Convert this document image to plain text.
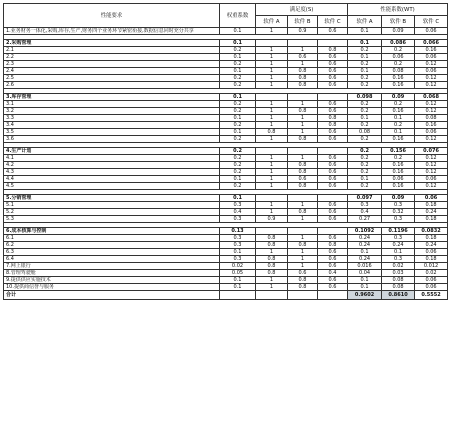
性能要求	权重系数	满足度(S)			性能系数(WT)		
		软件 A	软件 B	软件 C	软件 A	软件 B	软件 C
1.业务财务一体化,采购,库存,生产,财务四个业务环节紧密衔接,数据信息同时充分共享	0.1	1	0.9	0.6	0.1	0.09	0.06

2.采购管理	0.1				0.1	0.086	0.066
2.1	0.2	1	1	0.8	0.2	0.2	0.16
2.2	0.1	1	0.6	0.6	0.1	0.06	0.06
2.3	0.2	1	1	0.6	0.2	0.2	0.12
2.4	0.1	1	0.8	0.6	0.1	0.08	0.06
2.5	0.2	1	0.8	0.6	0.2	0.16	0.12
2.6	0.2	1	0.8	0.6	0.2	0.16	0.12

3.库存管理	0.1				0.098	0.09	0.068
3.1	0.2	1	1	0.6	0.2	0.2	0.12
3.2	0.2	1	0.8	0.6	0.2	0.16	0.12
3.3	0.1	1	1	0.8	0.1	0.1	0.08
3.4	0.2	1	1	0.8	0.2	0.2	0.16
3.5	0.1	0.8	1	0.6	0.08	0.1	0.06
3.6	0.2	1	0.8	0.6	0.2	0.16	0.12

4.生产计划	0.2				0.2	0.156	0.076
4.1	0.2	1	1	0.6	0.2	0.2	0.12
4.2	0.2	1	0.8	0.6	0.2	0.16	0.12
4.3	0.2	1	0.8	0.6	0.2	0.16	0.12
4.4	0.1	1	0.6	0.6	0.1	0.06	0.06
4.5	0.2	1	0.8	0.6	0.2	0.16	0.12

5.分销管理	0.1				0.097	0.09	0.06
5.1	0.3	1	1	0.6	0.3	0.3	0.18
5.2	0.4	1	0.8	0.6	0.4	0.32	0.24
5.3	0.3	0.9	1	0.6	0.27	0.3	0.18

6.成本核算与控制	0.13				0.1092	0.1196	0.0832
6.1	0.3	0.8	1	0.6	0.24	0.3	0.18
6.2	0.3	0.8	0.8	0.8	0.24	0.24	0.24
6.3	0.1	1	1	0.6	0.1	0.1	0.06
6.4	0.3	0.8	1	0.6	0.24	0.3	0.18
7.网上银行	0.02	0.8	1	0.6	0.016	0.02	0.012
8.管理驾驶舱	0.05	0.8	0.6	0.4	0.04	0.03	0.02
9.提供供应实施技术	0.1	1	0.8	0.6	0.1	0.08	0.06
10.提供商信誉与服务	0.1	1	0.8	0.6	0.1	0.08	0.06
合计					0.9602	0.8610	0.5552
